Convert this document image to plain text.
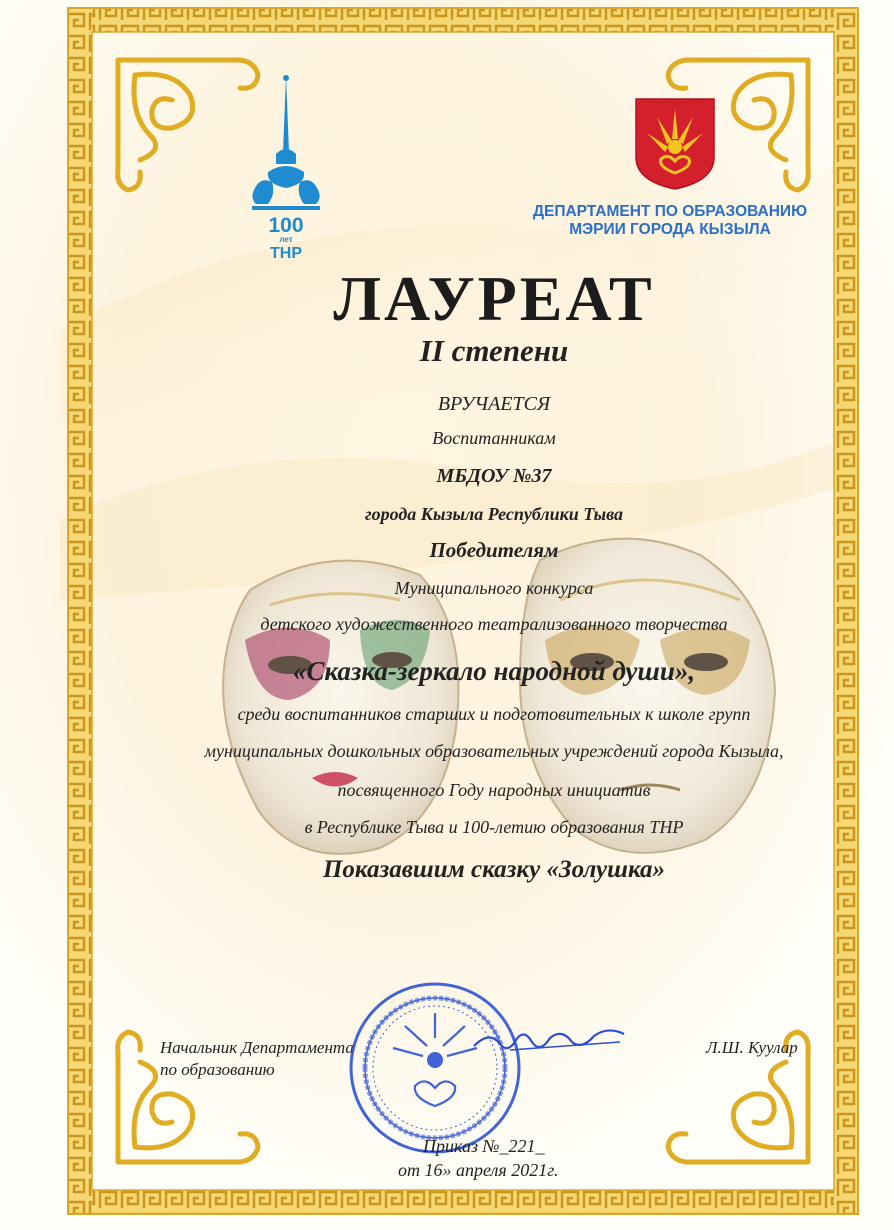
100
лет
ТНР
ДЕПАРТАМЕНТ ПО ОБРАЗОВАНИЮ
МЭРИИ ГОРОДА КЫЗЫЛА
ЛАУРЕАТ
II степени
ВРУЧАЕТСЯ
Воспитанникам
МБДОУ №37
города Кызыла Республики Тыва
Победителям
Муниципального конкурса
детского художественного театрализованного творчества
«Сказка-зеркало народной души»,
среди воспитанников старших и подготовительных к школе групп
муниципальных дошкольных образовательных учреждений города Кызыла,
посвященного Году народных инициатив
в Республике Тыва и 100-летию образования ТНР
Показавшим сказку «Золушка»
Начальник Департамента
по образованию
Л.Ш. Куулар
Приказ №_221_
от 16» апреля 2021г.
